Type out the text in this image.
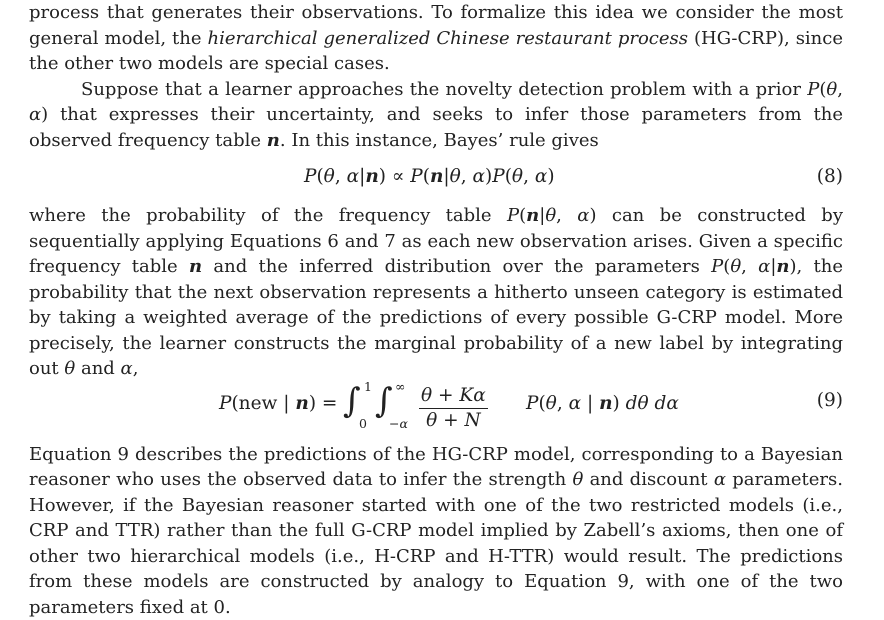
process that generates their observations. To formalize this idea we consider the most general model, the hierarchical generalized Chinese restaurant process (HG-CRP), since the other two models are special cases.

Suppose that a learner approaches the novelty detection problem with a prior P(θ, α) that expresses their uncertainty, and seeks to infer those parameters from the observed frequency table n. In this instance, Bayes’ rule gives

P(θ, α|n) ∝ P(n|θ, α)P(θ, α)	(8)

where the probability of the frequency table P(n|θ, α) can be constructed by sequentially applying Equations 6 and 7 as each new observation arises. Given a specific frequency table n and the inferred distribution over the parameters P(θ, α|n), the probability that the next observation represents a hitherto unseen category is estimated by taking a weighted average of the predictions of every possible G-CRP model. More precisely, the learner constructs the marginal probability of a new label by integrating out θ and α,

P(new | n) = ∫ 1
0
∫ ∞
$-\alpha \frac{\theta + K\alpha}{\theta + N} P(\theta$, α | n) dθ dα	(9)

Equation 9 describes the predictions of the HG-CRP model, corresponding to a Bayesian reasoner who uses the observed data to infer the strength θ and discount α parameters. However, if the Bayesian reasoner started with one of the two restricted models (i.e., CRP and TTR) rather than the full G-CRP model implied by Zabell’s axioms, then one of other two hierarchical models (i.e., H-CRP and H-TTR) would result. The predictions from these models are constructed by analogy to Equation 9, with one of the two parameters fixed at 0.
